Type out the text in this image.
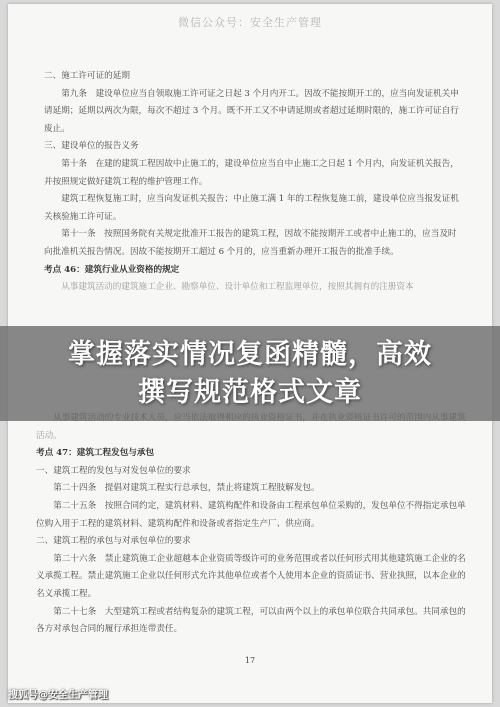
微信公众号：安全生产管理

二、施工许可证的延期

第九条　建设单位应当自领取施工许可证之日起 3 个月内开工。因故不能按期开工的，应当向发证机关申请延期；延期以两次为限，每次不超过 3 个月。既不开工又不申请延期或者超过延期时限的，施工许可证自行废止。

三、建设单位的报告义务

第十条　在建的建筑工程因故中止施工的，建设单位应当自中止施工之日起 1 个月内，向发证机关报告，并按照规定做好建筑工程的维护管理工作。

建筑工程恢复施工时，应当向发证机关报告；中止施工满 1 年的工程恢复施工前，建设单位应当报发证机关核验施工许可证。

第十一条　按照国务院有关规定批准开工报告的建筑工程，因故不能按期开工或者中止施工的，应当及时向批准机关报告情况。因故不能按期开工超过 6 个月的，应当重新办理开工报告的批准手续。

考点 46：建筑行业从业资格的规定

从事建筑活动的建筑施工企业、勘察单位、设计单位和工程监理单位，按照其拥有的注册资本

掌握落实情况复函精髓，高效
撰写规范格式文章

从事建筑活动的专业技术人员，应当依法取得相应的执业资格证书，并在执业资格证书许可的范围内从事建筑活动。

考点 47：建筑工程发包与承包

一、建筑工程的发包与对发包单位的要求

第二十四条　提倡对建筑工程实行总承包，禁止将建筑工程肢解发包。

第二十五条　按照合同约定，建筑材料、建筑构配件和设备由工程承包单位采购的，发包单位不得指定承包单位购入用于工程的建筑材料、建筑构配件和设备或者指定生产厂、供应商。

二、建筑工程的承包与对承包单位的要求

第二十六条　禁止建筑施工企业超越本企业资质等级许可的业务范围或者以任何形式用其他建筑施工企业的名义承揽工程。禁止建筑施工企业以任何形式允许其他单位或者个人使用本企业的资质证书、营业执照，以本企业的名义承揽工程。

第二十七条　大型建筑工程或者结构复杂的建筑工程，可以由两个以上的承包单位联合共同承包。共同承包的各方对承包合同的履行承担连带责任。

17
搜狐号@安全生产管理
